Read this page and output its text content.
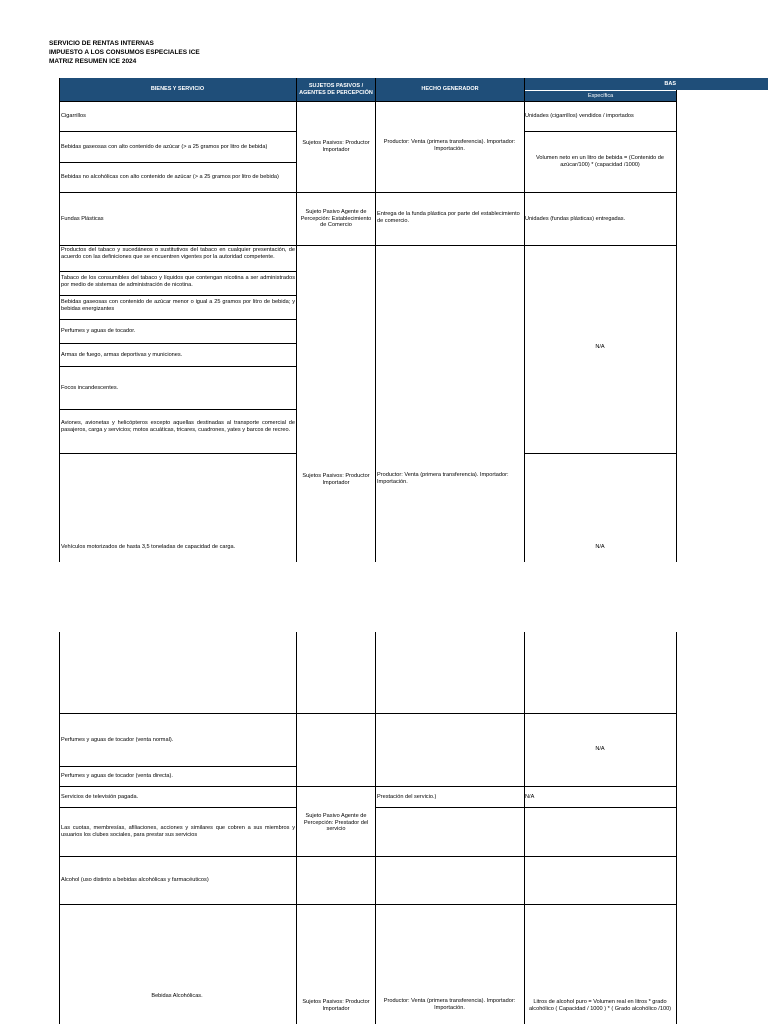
SERVICIO DE RENTAS INTERNAS
IMPUESTO A LOS CONSUMOS ESPECIALES ICE
MATRIZ RESUMEN ICE 2024
BIENES Y SERVICIO
SUJETOS PASIVOS / AGENTES DE PERCEPCIÓN
HECHO GENERADOR
BAS
Específica
Cigarrillos
Bebidas gaseosas con alto contenido de azúcar (> a 25 gramos por litro de bebida)
Bebidas no alcohólicas con alto contenido de azúcar (> a 25 gramos por litro de bebida)
Fundas Plásticas
Productos del tabaco y sucedáneos o sustitutivos del tabaco en cualquier presentación, de acuerdo con las definiciones que se encuentren vigentes por la autoridad competente.
Tabaco de los consumibles del tabaco y líquidos que contengan nicotina a ser administrados por medio de sistemas de administración de nicotina.
Bebidas gaseosas con contenido de azúcar menor o igual a 25 gramos por litro de bebida; y bebidas energizantes
Perfumes y aguas de tocador.
Armas de fuego, armas deportivas y municiones.
Focos incandescentes.
Aviones, avionetas y helicópteros excepto aquellas destinadas al transporte comercial de pasajeros, carga y servicios; motos acuáticas, tricares, cuadrones, yates y barcos de recreo.
Vehículos motorizados de hasta 3,5 toneladas de capacidad de carga.
Sujetos Pasivos: Productor Importador
Sujeto Pasivo Agente de Percepción: Establecimiento de Comercio
Sujetos Pasivos: Productor Importador
Productor: Venta (primera transferencia). Importador: Importación.
Entrega de la funda plástica por parte del establecimiento de comercio.
Productor: Venta (primera transferencia). Importador: Importación.
Unidades (cigarrillos) vendidos / importados
Volumen neto en un litro de bebida = (Contenido de azúcar/100) * (capacidad /1000)
Unidades (fundas plásticas) entregadas.
N/A
N/A
Perfumes y aguas de tocador (venta normal).
Perfumes y aguas de tocador (venta directa).
Servicios de televisión pagada.
Las cuotas, membresías, afiliaciones, acciones y similares que cobren a sus miembros y usuarios los clubes sociales, para prestar sus servicios
Alcohol (uso distinto a bebidas alcohólicas y farmacéuticos)
Bebidas Alcohólicas.
Sujeto Pasivo Agente de Percepción: Prestador del servicio
Sujetos Pasivos: Productor Importador
Prestación del servicio.)
Productor: Venta (primera transferencia). Importador: Importación.
N/A
N/A
Litros de alcohol puro = Volumen real en litros * grado alcohólico ( Capacidad / 1000 ) * ( Grado alcohólico /100)
